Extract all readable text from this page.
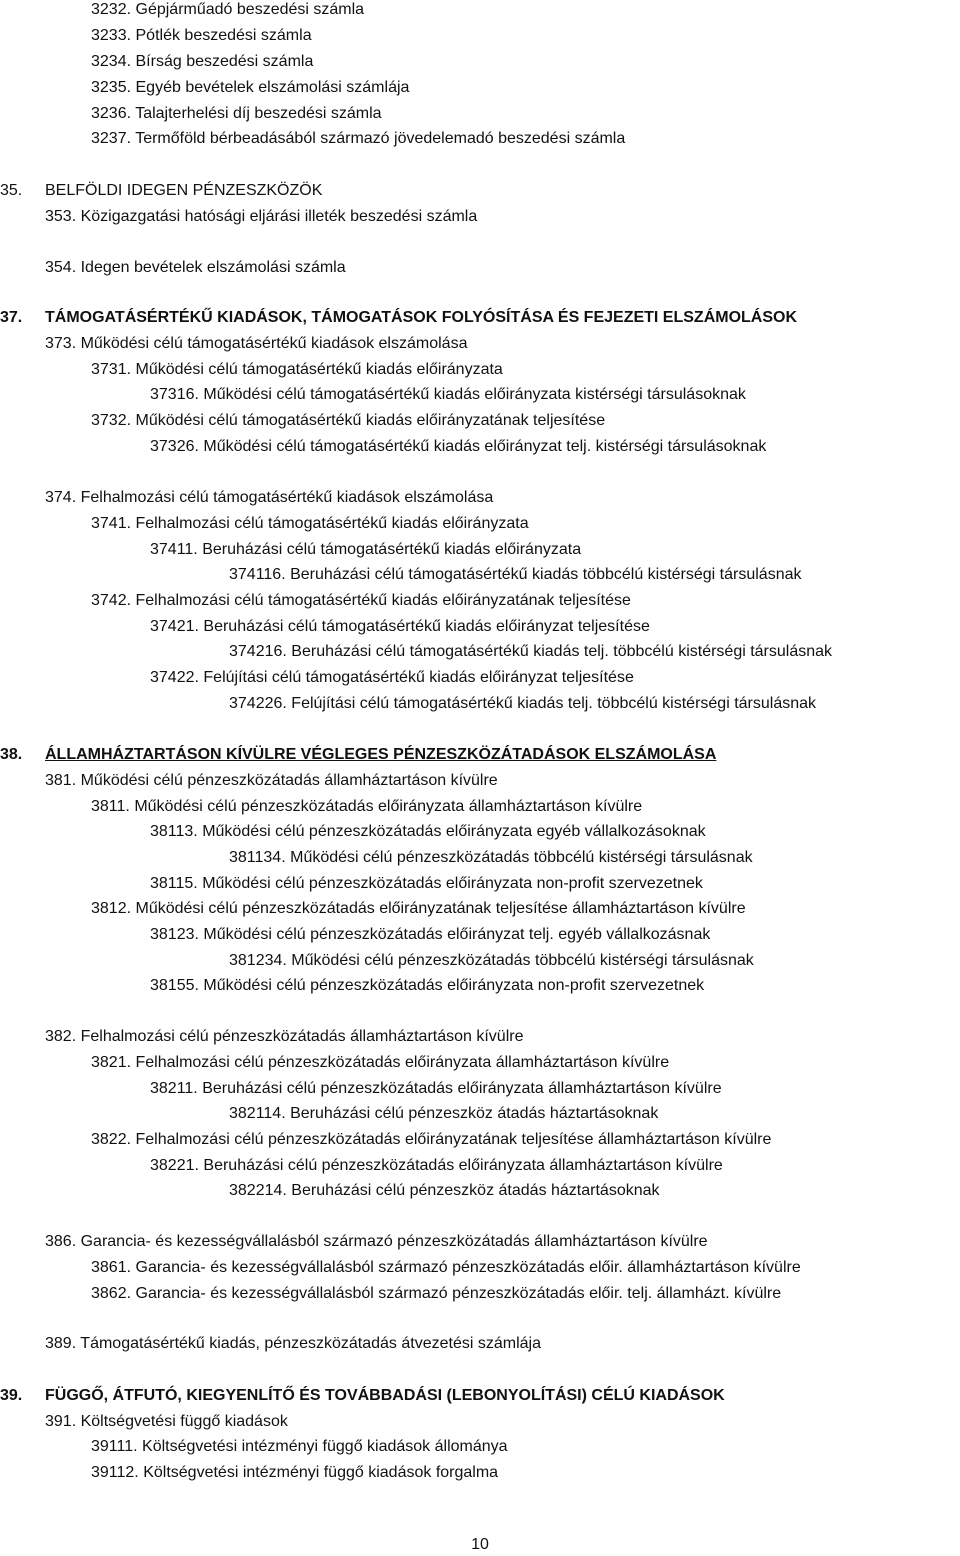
3232. Gépjárműadó beszedési számla
3233. Pótlék beszedési számla
3234. Bírság beszedési számla
3235. Egyéb bevételek elszámolási számlája
3236. Talajterhelési díj beszedési számla
3237. Termőföld bérbeadásából származó jövedelemadó beszedési számla
35. BELFÖLDI IDEGEN PÉNZESZKÖZÖK
353. Közigazgatási hatósági eljárási illeték beszedési számla
354. Idegen bevételek elszámolási számla
37. TÁMOGATÁSÉRTÉKŰ KIADÁSOK, TÁMOGATÁSOK FOLYÓSÍTÁSA ÉS FEJEZETI ELSZÁMOLÁSOK
373. Működési célú támogatásértékű kiadások elszámolása
3731. Működési célú támogatásértékű kiadás előirányzata
37316. Működési célú támogatásértékű kiadás előirányzata kistérségi társulásoknak
3732. Működési célú támogatásértékű kiadás előirányzatának teljesítése
37326. Működési célú támogatásértékű kiadás előirányzat telj. kistérségi társulásoknak
374. Felhalmozási célú támogatásértékű kiadások elszámolása
3741. Felhalmozási célú támogatásértékű kiadás előirányzata
37411. Beruházási célú támogatásértékű kiadás előirányzata
374116. Beruházási célú támogatásértékű kiadás többcélú kistérségi társulásnak
3742. Felhalmozási célú támogatásértékű kiadás előirányzatának teljesítése
37421. Beruházási célú támogatásértékű kiadás előirányzat teljesítése
374216. Beruházási célú támogatásértékű kiadás telj. többcélú kistérségi társulásnak
37422. Felújítási célú támogatásértékű kiadás előirányzat teljesítése
374226. Felújítási célú támogatásértékű kiadás telj. többcélú kistérségi társulásnak
38. ÁLLAMHÁZTARTÁSON KÍVÜLRE VÉGLEGES PÉNZESZKÖZÁTADÁSOK ELSZÁMOLÁSA
381. Működési célú pénzeszközátadás államháztartáson kívülre
3811. Működési célú pénzeszközátadás előirányzata államháztartáson kívülre
38113. Működési célú pénzeszközátadás előirányzata egyéb vállalkozásoknak
381134. Működési célú pénzeszközátadás többcélú kistérségi társulásnak
38115. Működési célú pénzeszközátadás előirányzata non-profit szervezetnek
3812. Működési célú pénzeszközátadás előirányzatának teljesítése államháztartáson kívülre
38123. Működési célú pénzeszközátadás előirányzat telj. egyéb vállalkozásnak
381234. Működési célú pénzeszközátadás többcélú kistérségi társulásnak
38155. Működési célú pénzeszközátadás előirányzata non-profit szervezetnek
382. Felhalmozási célú pénzeszközátadás államháztartáson kívülre
3821. Felhalmozási célú pénzeszközátadás előirányzata államháztartáson kívülre
38211. Beruházási célú pénzeszközátadás előirányzata államháztartáson kívülre
382114. Beruházási célú pénzeszköz átadás háztartásoknak
3822. Felhalmozási célú pénzeszközátadás előirányzatának teljesítése államháztartáson kívülre
38221. Beruházási célú pénzeszközátadás előirányzata államháztartáson kívülre
382214. Beruházási célú pénzeszköz átadás háztartásoknak
386. Garancia- és kezességvállalásból származó pénzeszközátadás államháztartáson kívülre
3861. Garancia- és kezességvállalásból származó pénzeszközátadás előir. államháztartáson kívülre
3862. Garancia- és kezességvállalásból származó pénzeszközátadás előir. telj. államházt. kívülre
389. Támogatásértékű kiadás, pénzeszközátadás átvezetési számlája
39. FÜGGŐ, ÁTFUTÓ, KIEGYENLÍTŐ ÉS TOVÁBBADÁSI (LEBONYOLÍTÁSI) CÉLÚ KIADÁSOK
391. Költségvetési függő kiadások
39111. Költségvetési intézményi függő kiadások állománya
39112. Költségvetési intézményi függő kiadások forgalma
10
